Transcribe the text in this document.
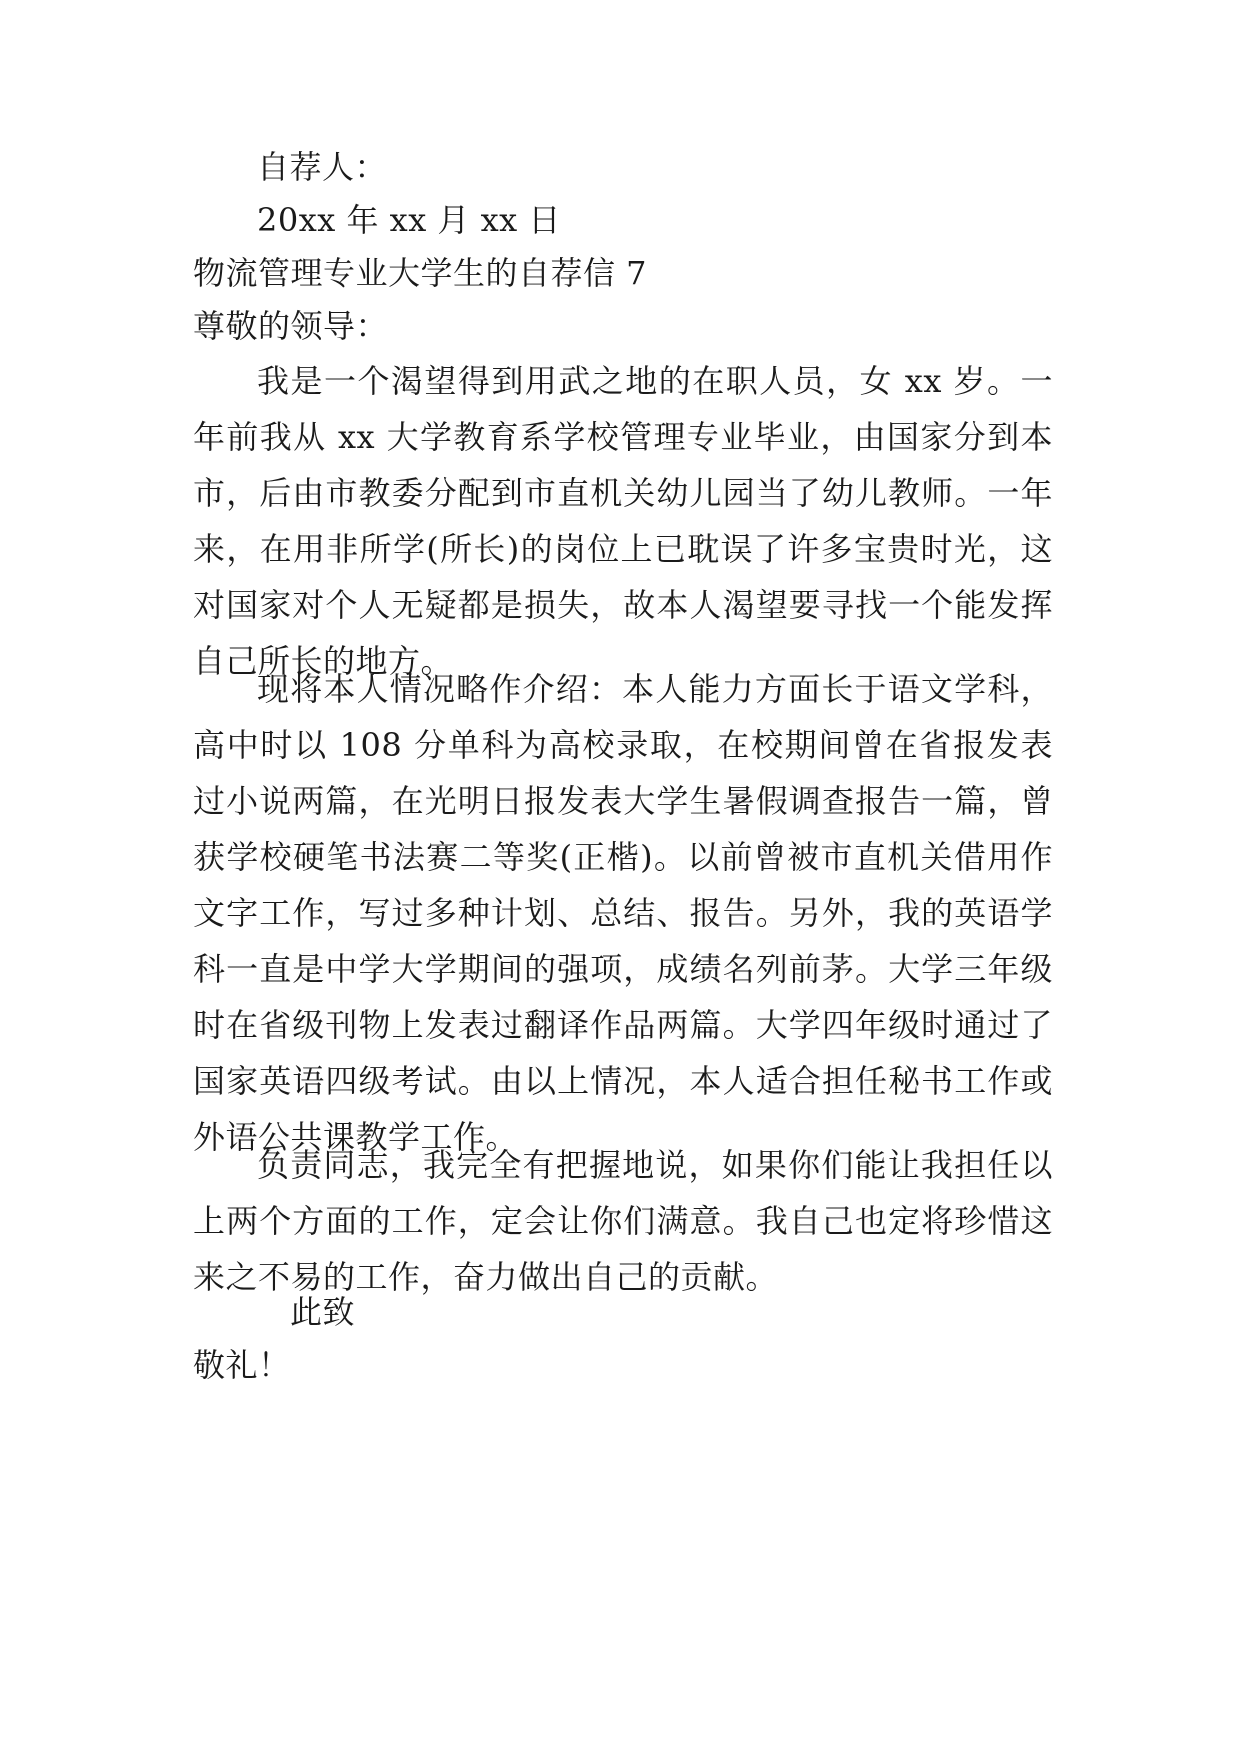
自荐人：
20xx 年 xx 月 xx 日
物流管理专业大学生的自荐信 7
尊敬的领导：

我是一个渴望得到用武之地的在职人员，女 xx 岁。一年前我从 xx 大学教育系学校管理专业毕业，由国家分到本市，后由市教委分配到市直机关幼儿园当了幼儿教师。一年来，在用非所学(所长)的岗位上已耽误了许多宝贵时光，这对国家对个人无疑都是损失，故本人渴望要寻找一个能发挥自己所长的地方。

现将本人情况略作介绍：本人能力方面长于语文学科，高中时以 108 分单科为高校录取，在校期间曾在省报发表过小说两篇，在光明日报发表大学生暑假调查报告一篇，曾获学校硬笔书法赛二等奖(正楷)。以前曾被市直机关借用作文字工作，写过多种计划、总结、报告。另外，我的英语学科一直是中学大学期间的强项，成绩名列前茅。大学三年级时在省级刊物上发表过翻译作品两篇。大学四年级时通过了国家英语四级考试。由以上情况，本人适合担任秘书工作或外语公共课教学工作。

负责同志，我完全有把握地说，如果你们能让我担任以上两个方面的工作，定会让你们满意。我自己也定将珍惜这来之不易的工作，奋力做出自己的贡献。

此致
敬礼！
